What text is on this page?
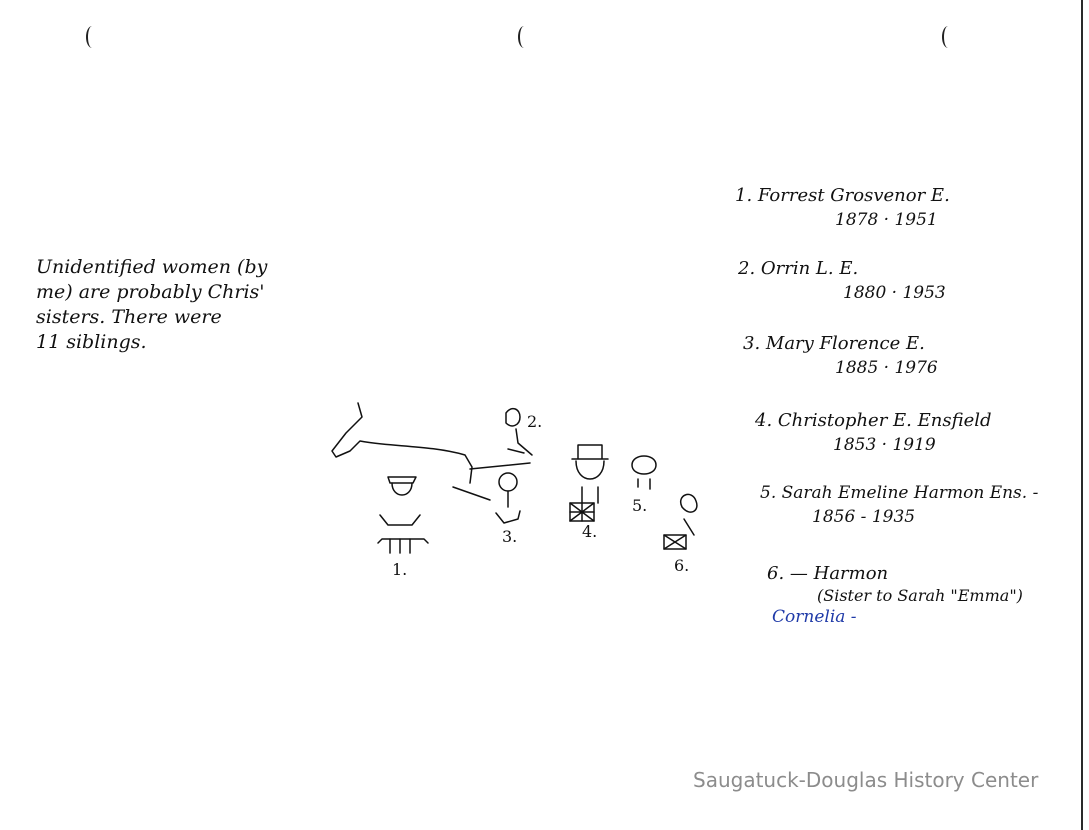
Unidentified women (by
me) are probably Chris'
sisters. There were
11 siblings.
1.
2.
3.	4.
5.
6.
1. Forrest Grosvenor E.
1878 · 1951
2. Orrin L. E.
1880 · 1953
3. Mary Florence E.
1885 · 1976
4. Christopher E. Ensfield
1853 · 1919
5. Sarah Emeline Harmon Ens. -
1856 - 1935
6. — Harmon
(Sister to Sarah "Emma")
Cornelia -
Saugatuck-Douglas History Center
